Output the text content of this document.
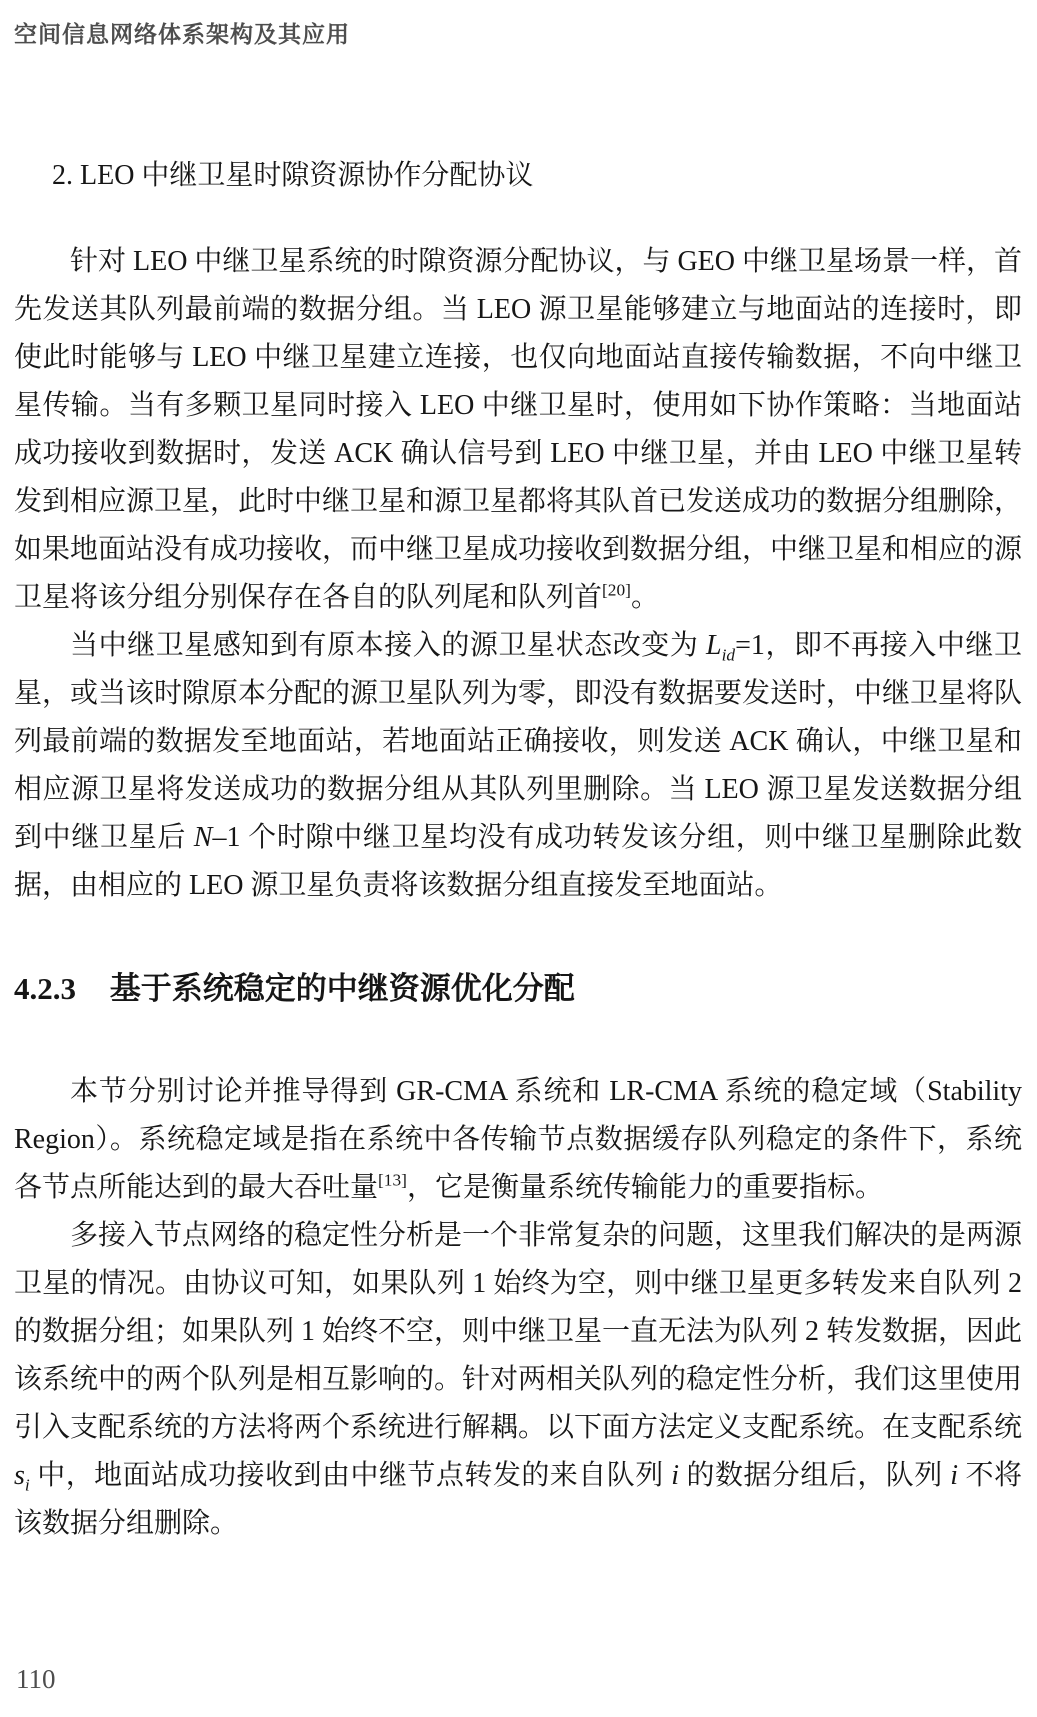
空间信息网络体系架构及其应用
2. LEO 中继卫星时隙资源协作分配协议

针对 LEO 中继卫星系统的时隙资源分配协议，与 GEO 中继卫星场景一样，首先发送其队列最前端的数据分组。当 LEO 源卫星能够建立与地面站的连接时，即使此时能够与 LEO 中继卫星建立连接，也仅向地面站直接传输数据，不向中继卫星传输。当有多颗卫星同时接入 LEO 中继卫星时，使用如下协作策略：当地面站成功接收到数据时，发送 ACK 确认信号到 LEO 中继卫星，并由 LEO 中继卫星转发到相应源卫星，此时中继卫星和源卫星都将其队首已发送成功的数据分组删除，如果地面站没有成功接收，而中继卫星成功接收到数据分组，中继卫星和相应的源卫星将该分组分别保存在各自的队列尾和队列首[20]。

当中继卫星感知到有原本接入的源卫星状态改变为 $L_{id}=1$，即不再接入中继卫星，或当该时隙原本分配的源卫星队列为零，即没有数据要发送时，中继卫星将队列最前端的数据发至地面站，若地面站正确接收，则发送 ACK 确认，中继卫星和相应源卫星将发送成功的数据分组从其队列里删除。当 LEO 源卫星发送数据分组到中继卫星后 N–1 个时隙中继卫星均没有成功转发该分组，则中继卫星删除此数据，由相应的 LEO 源卫星负责将该数据分组直接发至地面站。

4.2.3 基于系统稳定的中继资源优化分配

本节分别讨论并推导得到 GR-CMA 系统和 LR-CMA 系统的稳定域（Stability Region）。系统稳定域是指在系统中各传输节点数据缓存队列稳定的条件下，系统各节点所能达到的最大吞吐量[13]，它是衡量系统传输能力的重要指标。

多接入节点网络的稳定性分析是一个非常复杂的问题，这里我们解决的是两源卫星的情况。由协议可知，如果队列 1 始终为空，则中继卫星更多转发来自队列 2 的数据分组；如果队列 1 始终不空，则中继卫星一直无法为队列 2 转发数据，因此该系统中的两个队列是相互影响的。针对两相关队列的稳定性分析，我们这里使用引入支配系统的方法将两个系统进行解耦。以下面方法定义支配系统。在支配系统 $s_i$ 中，地面站成功接收到由中继节点转发的来自队列 i 的数据分组后，队列 i 不将该数据分组删除。

110
